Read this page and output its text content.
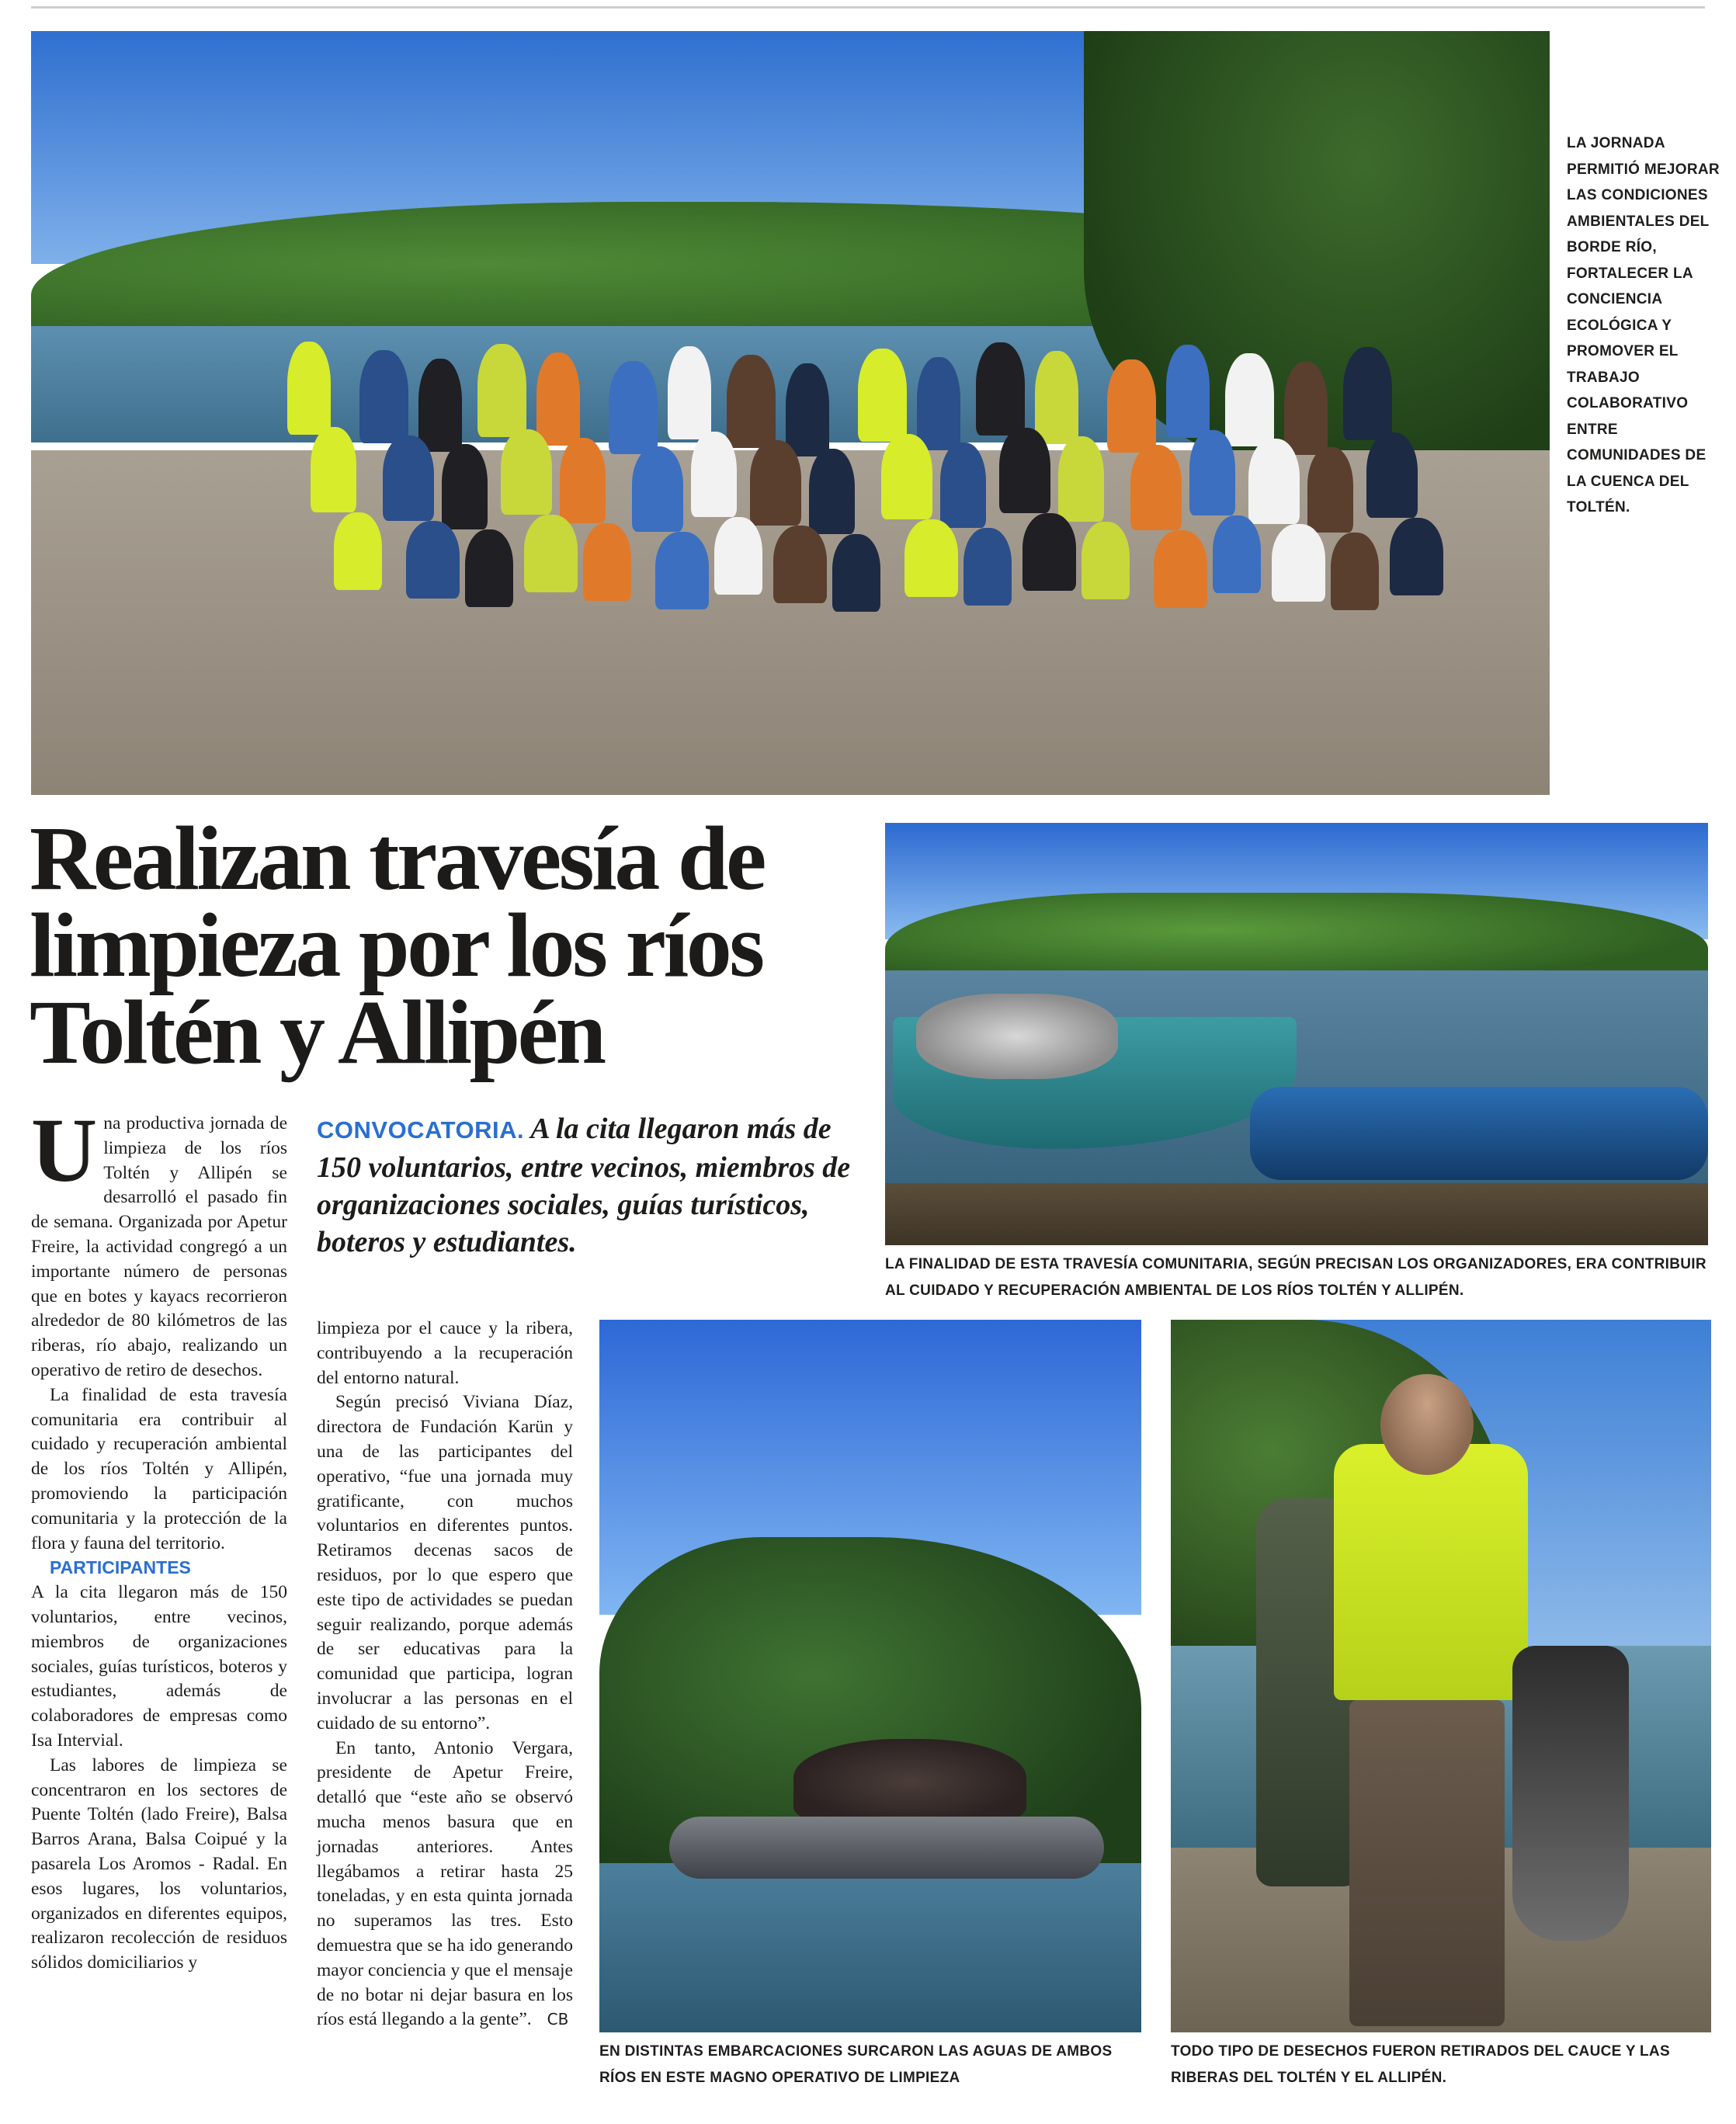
LA JORNADA PERMITIÓ MEJORAR LAS CONDICIONES AMBIENTALES DEL BORDE RÍO, FORTALECER LA CONCIENCIA ECOLÓGICA Y PROMOVER EL TRABAJO COLABORATIVO ENTRE COMUNIDADES DE LA CUENCA DEL TOLTÉN.

Realizan travesía de
limpieza por los ríos
Toltén y Allipén

LA FINALIDAD DE ESTA TRAVESÍA COMUNITARIA, SEGÚN PRECISAN LOS ORGANIZADORES, ERA CONTRIBUIR AL CUIDADO Y RECUPERACIÓN AMBIENTAL DE LOS RÍOS TOLTÉN Y ALLIPÉN.

CONVOCATORIA. A la cita llegaron más de 150 voluntarios, entre vecinos, miembros de organizaciones sociales, guías turísticos, boteros y estudiantes.

Una productiva jornada de limpieza de los ríos Toltén y Allipén se desarrolló el pasado fin de semana. Organizada por Apetur Freire, la actividad congregó a un importante número de personas que en botes y kayacs recorrieron alrededor de 80 kilómetros de las riberas, río abajo, realizando un operativo de retiro de desechos.

La finalidad de esta travesía comunitaria era contribuir al cuidado y recuperación ambiental de los ríos Toltén y Allipén, promoviendo la participación comunitaria y la protección de la flora y fauna del territorio.

PARTICIPANTES

A la cita llegaron más de 150 voluntarios, entre vecinos, miembros de organizaciones sociales, guías turísticos, boteros y estudiantes, además de colaboradores de empresas como Isa Intervial.

Las labores de limpieza se concentraron en los sectores de Puente Toltén (lado Freire), Balsa Barros Arana, Balsa Coipué y la pasarela Los Aromos - Radal. En esos lugares, los voluntarios, organizados en diferentes equipos, realizaron recolección de residuos sólidos domiciliarios y

limpieza por el cauce y la ribera, contribuyendo a la recuperación del entorno natural.

Según precisó Viviana Díaz, directora de Fundación Karün y una de las participantes del operativo, “fue una jornada muy gratificante, con muchos voluntarios en diferentes puntos. Retiramos decenas sacos de residuos, por lo que espero que este tipo de actividades se puedan seguir realizando, porque además de ser educativas para la comunidad que participa, logran involucrar a las personas en el cuidado de su entorno”.

En tanto, Antonio Vergara, presidente de Apetur Freire, detalló que “este año se observó mucha menos basura que en jornadas anteriores. Antes llegábamos a retirar hasta 25 toneladas, y en esta quinta jornada no superamos las tres. Esto demuestra que se ha ido generando mayor conciencia y que el mensaje de no botar ni dejar basura en los ríos está llegando a la gente”. CB

EN DISTINTAS EMBARCACIONES SURCARON LAS AGUAS DE AMBOS RÍOS EN ESTE MAGNO OPERATIVO DE LIMPIEZA

TODO TIPO DE DESECHOS FUERON RETIRADOS DEL CAUCE Y LAS RIBERAS DEL TOLTÉN Y EL ALLIPÉN.
